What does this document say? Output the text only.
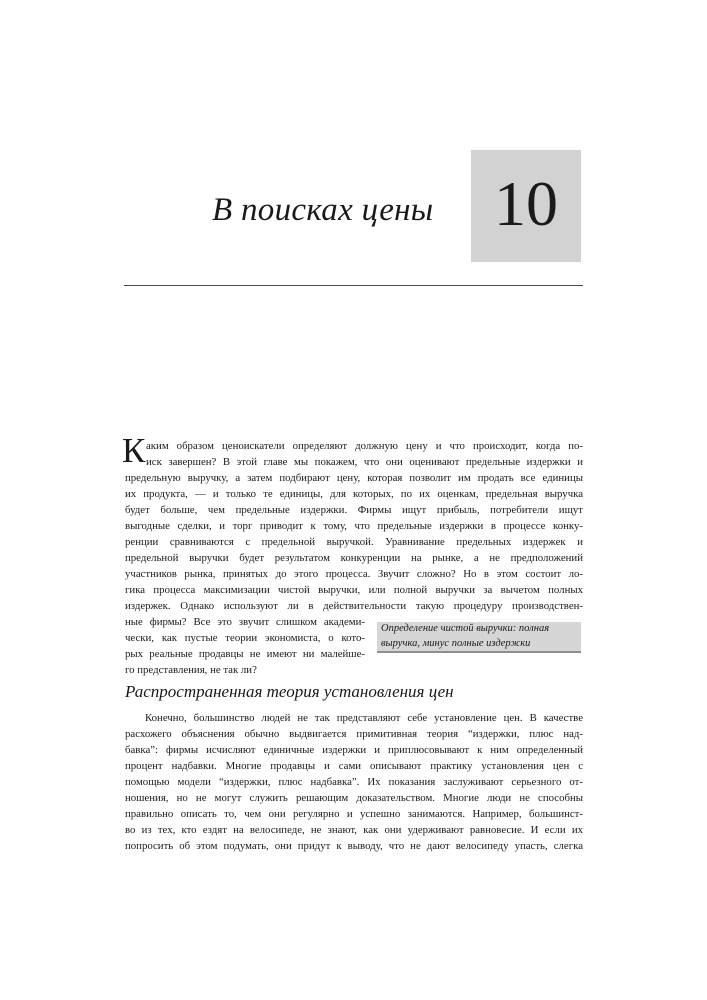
В поисках цены 10
К аким образом ценоискатели определяют должную цену и что происходит, когда по-
иск завершен? В этой главе мы покажем, что они оценивают предельные издержки и
предельную выручку, а затем подбирают цену, которая позволит им продать все единицы
их продукта, — и только те единицы, для которых, по их оценкам, предельная выручка
будет больше, чем предельные издержки. Фирмы ищут прибыль, потребители ищут
выгодные сделки, и торг приводит к тому, что предельные издержки в процессе конку-
ренции сравниваются с предельной выручкой. Уравнивание предельных издержек и
предельной выручки будет результатом конкуренции на рынке, а не предположений
участников рынка, принятых до этого процесса. Звучит сложно? Но в этом состоит ло-
гика процесса максимизации чистой выручки, или полной выручки за вычетом полных
издержек. Однако используют ли в действительности такую процедуру производствен-
ные фирмы? Все это звучит слишком академи-
чески, как пустые теории экономиста, о кото-
рых реальные продавцы не имеют ни малейше-
го представления, не так ли?
Определение чистой выручки: полная
выручка, минус полные издержки
Распространенная теория установления цен
Конечно, большинство людей не так представляют себе установление цен. В качестве
расхожего объяснения обычно выдвигается примитивная теория “издержки, плюс над-
бавка”: фирмы исчисляют единичные издержки и приплюсовывают к ним определенный
процент надбавки. Многие продавцы и сами описывают практику установления цен с
помощью модели “издержки, плюс надбавка”. Их показания заслуживают серьезного от-
ношения, но не могут служить решающим доказательством. Многие люди не способны
правильно описать то, чем они регулярно и успешно занимаются. Например, большинст-
во из тех, кто ездят на велосипеде, не знают, как они удерживают равновесие. И если их
попросить об этом подумать, они придут к выводу, что не дают велосипеду упасть, слегка
